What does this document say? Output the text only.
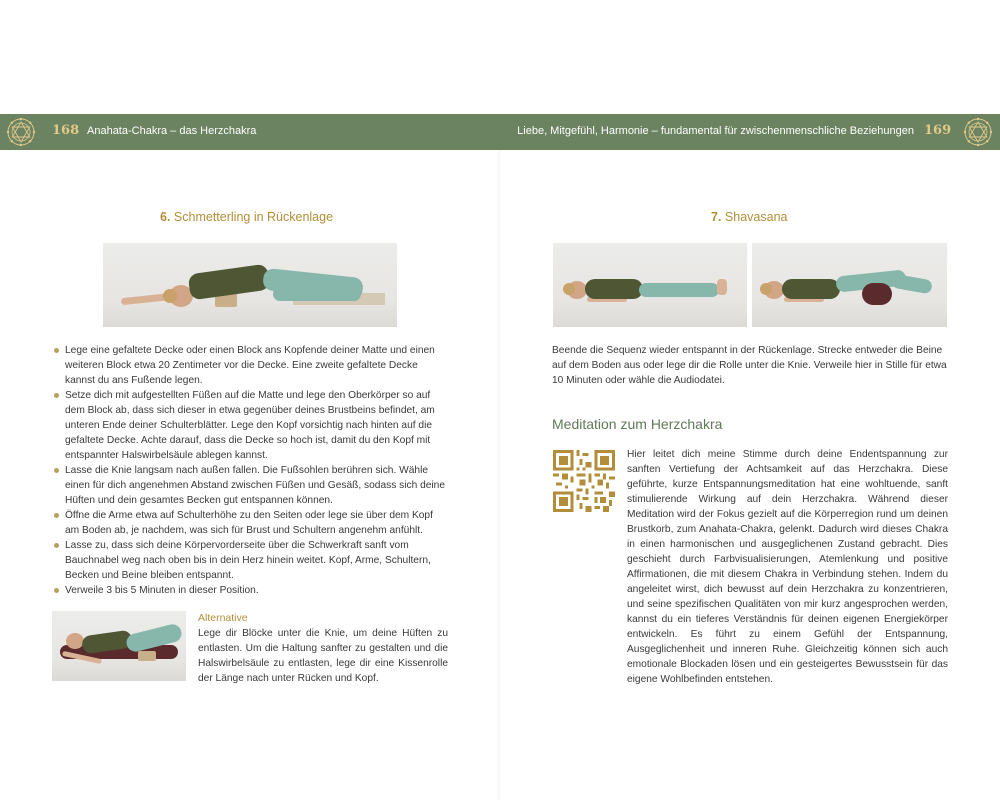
168 Anahata-Chakra – das Herzchakra	Liebe, Mitgefühl, Harmonie – fundamental für zwischenmenschliche Beziehungen 169
6. Schmetterling in Rückenlage
Lege eine gefaltete Decke oder einen Block ans Kopfende deiner Matte und einen weiteren Block etwa 20 Zentimeter vor die Decke. Eine zweite gefaltete Decke kannst du ans Fußende legen.
Setze dich mit aufgestellten Füßen auf die Matte und lege den Oberkörper so auf dem Block ab, dass sich dieser in etwa gegenüber deines Brustbeins befindet, am unteren Ende deiner Schulterblätter. Lege den Kopf vorsichtig nach hinten auf die gefaltete Decke. Achte darauf, dass die Decke so hoch ist, damit du den Kopf mit entspannter Halswirbelsäule ablegen kannst.
Lasse die Knie langsam nach außen fallen. Die Fußsohlen berühren sich. Wähle einen für dich angenehmen Abstand zwischen Füßen und Gesäß, sodass sich deine Hüften und dein gesamtes Becken gut entspannen können.
Öffne die Arme etwa auf Schulterhöhe zu den Seiten oder lege sie über dem Kopf am Boden ab, je nachdem, was sich für Brust und Schultern angenehm anfühlt.
Lasse zu, dass sich deine Körpervorderseite über die Schwerkraft sanft vom Bauchnabel weg nach oben bis in dein Herz hinein weitet. Kopf, Arme, Schultern, Becken und Beine bleiben entspannt.
Verweile 3 bis 5 Minuten in dieser Position.
Alternative
Lege dir Blöcke unter die Knie, um deine Hüften zu entlasten. Um die Haltung sanfter zu gestalten und die Halswirbelsäule zu entlasten, lege dir eine Kissenrolle der Länge nach unter Rücken und Kopf.
7. Shavasana
Beende die Sequenz wieder entspannt in der Rückenlage. Strecke entweder die Beine auf dem Boden aus oder lege dir die Rolle unter die Knie. Verweile hier in Stille für etwa 10 Minuten oder wähle die Audiodatei.
Meditation zum Herzchakra
Hier leitet dich meine Stimme durch deine Endentspannung zur sanften Vertiefung der Achtsamkeit auf das Herzchakra. Diese geführte, kurze Entspannungsmeditation hat eine wohltuende, sanft stimulierende Wirkung auf dein Herzchakra. Während dieser Meditation wird der Fokus gezielt auf die Körperregion rund um deinen Brustkorb, zum Anahata-Chakra, gelenkt. Dadurch wird dieses Chakra in einen harmonischen und ausgeglichenen Zustand gebracht. Dies geschieht durch Farbvisualisierungen, Atemlenkung und positive Affirmationen, die mit diesem Chakra in Verbindung stehen. Indem du angeleitet wirst, dich bewusst auf dein Herzchakra zu konzentrieren, und seine spezifischen Qualitäten von mir kurz angesprochen werden, kannst du ein tieferes Verständnis für deinen eigenen Energiekörper entwickeln. Es führt zu einem Gefühl der Entspannung, Ausgeglichenheit und inneren Ruhe. Gleichzeitig können sich auch emotionale Blockaden lösen und ein gesteigertes Bewusstsein für das eigene Wohlbefinden entstehen.
